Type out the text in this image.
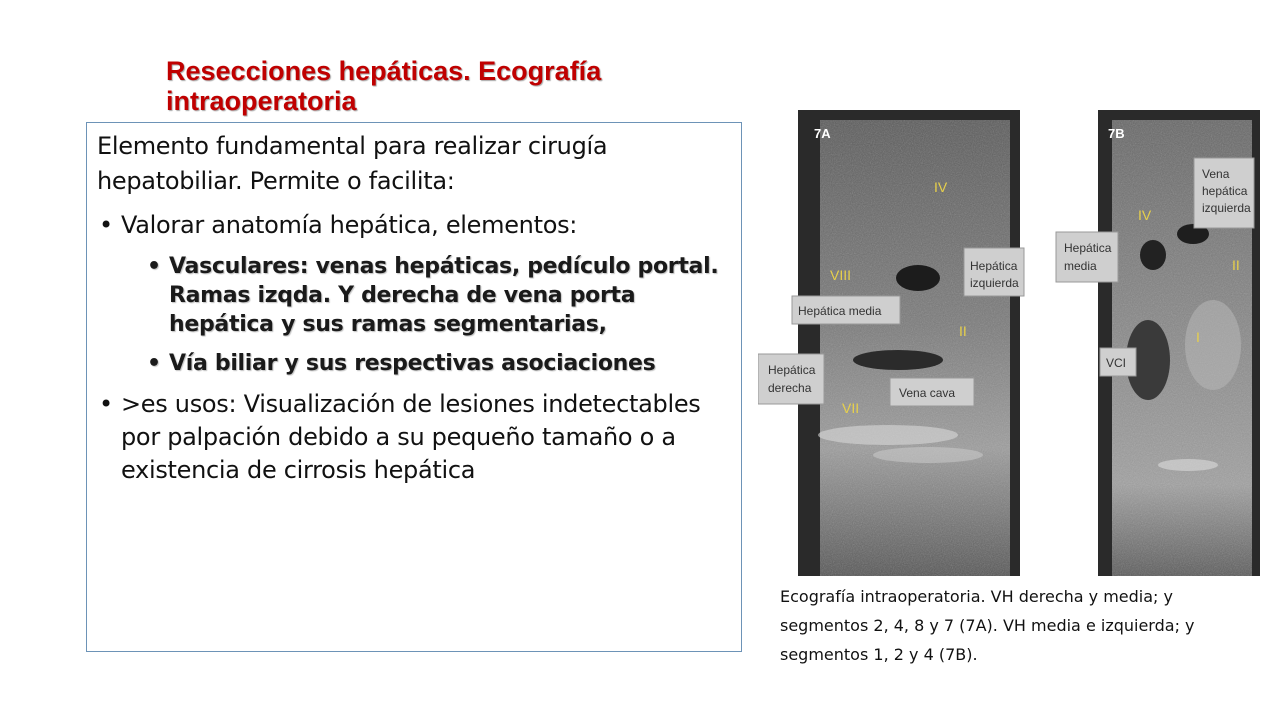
Resecciones hepáticas. Ecografía intraoperatoria

Elemento fundamental para realizar cirugía hepatobiliar. Permite o facilita:

• Valorar anatomía hepática, elementos:
• Vasculares: venas hepáticas, pedículo portal. Ramas izqda. Y derecha de vena porta hepática y sus ramas segmentarias,
• Vía biliar y sus respectivas asociaciones
• >es usos: Visualización de lesiones indetectables por palpación debido a su pequeño tamaño o a existencia de cirrosis hepática
7A
IV
VIII
II
VII
Hepática
izquierda
Hepática media
Hepática
derecha	Vena cava
7B
IV
II
I
Vena
hepática
izquierda
Hepática
media
VCI
Ecografía intraoperatoria. VH derecha y media; y segmentos 2, 4, 8 y 7 (7A). VH media e izquierda; y segmentos 1, 2 y 4 (7B).
